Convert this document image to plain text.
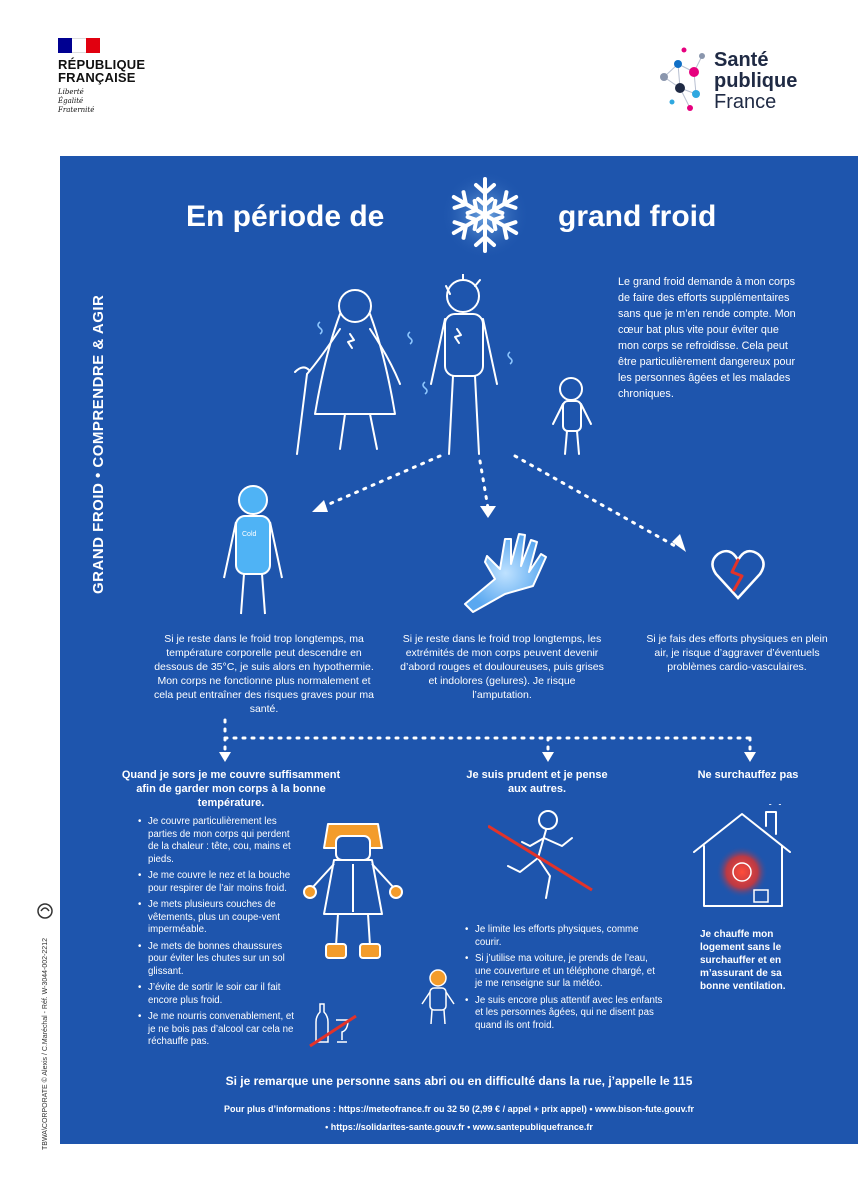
RÉPUBLIQUE
FRANÇAISE
Liberté
Égalité
Fraternité
Santé
publique
France
TBWA\CORPORATE © Alexis / C.Maréchal - Réf. W-3044-002-2212
GRAND FROID • COMPRENDRE & AGIR
En période de	grand froid
Le grand froid demande à mon corps de faire des efforts supplémentaires sans que je m’en rende compte. Mon cœur bat plus vite pour éviter que mon corps se refroidisse. Cela peut être particulièrement dangereux pour les personnes âgées et les malades chroniques.
Cold
Si je reste dans le froid trop longtemps, ma température corporelle peut descendre en dessous de 35°C, je suis alors en hypothermie. Mon corps ne fonctionne plus normalement et cela peut entraîner des risques graves pour ma santé.
Si je reste dans le froid trop longtemps, les extrémités de mon corps peuvent devenir d’abord rouges et douloureuses, puis grises et indolores (gelures). Je risque l’amputation.
Si je fais des efforts physiques en plein air, je risque d’aggraver d’éventuels problèmes cardio-vasculaires.
Quand je sors je me couvre suffisamment afin de garder mon corps à la bonne température.
• Je couvre particulièrement les parties de mon corps qui perdent de la chaleur : tête, cou, mains et pieds.
• Je me couvre le nez et la bouche pour respirer de l’air moins froid.
• Je mets plusieurs couches de vêtements, plus un coupe-vent imperméable.
• Je mets de bonnes chaussures pour éviter les chutes sur un sol glissant.
• J’évite de sortir le soir car il fait encore plus froid.
• Je me nourris convenablement, et je ne bois pas d’alcool car cela ne réchauffe pas.
Je suis prudent et je pense aux autres.
• Je limite les efforts physiques, comme courir.
• Si j’utilise ma voiture, je prends de l’eau, une couverture et un téléphone chargé, et je me renseigne sur la météo.
• Je suis encore plus attentif avec les enfants et les personnes âgées, qui ne disent pas quand ils ont froid.
Ne surchauffez pas
Je chauffe mon logement sans le surchauffer et en m’assurant de sa bonne ventilation.
Si je remarque une personne sans abri ou en difficulté dans la rue, j’appelle le 115
Pour plus d’informations : https://meteofrance.fr ou 32 50 (2,99 € / appel + prix appel) • www.bison-fute.gouv.fr
• https://solidarites-sante.gouv.fr • www.santepubliquefrance.fr
